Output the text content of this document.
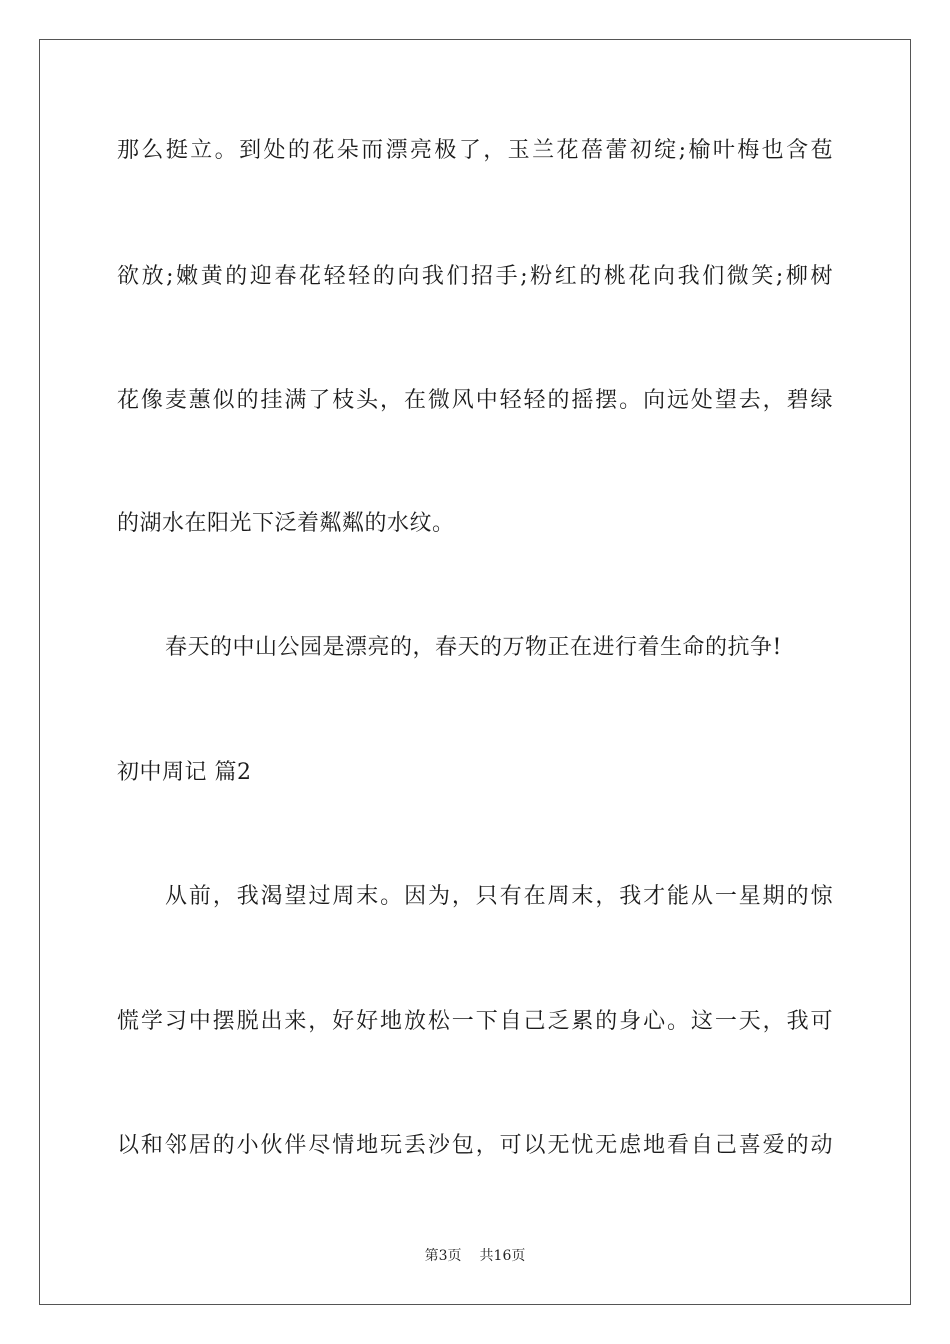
那么挺立。到处的花朵而漂亮极了，玉兰花蓓蕾初绽;榆叶梅也含苞
欲放;嫩黄的迎春花轻轻的向我们招手;粉红的桃花向我们微笑;柳树
花像麦蕙似的挂满了枝头，在微风中轻轻的摇摆。向远处望去，碧绿
的湖水在阳光下泛着粼粼的水纹。
春天的中山公园是漂亮的，春天的万物正在进行着生命的抗争!
初中周记 篇2
从前，我渴望过周末。因为，只有在周末，我才能从一星期的惊
慌学习中摆脱出来，好好地放松一下自己乏累的身心。这一天，我可
以和邻居的小伙伴尽情地玩丢沙包，可以无忧无虑地看自己喜爱的动
第3页 共16页
